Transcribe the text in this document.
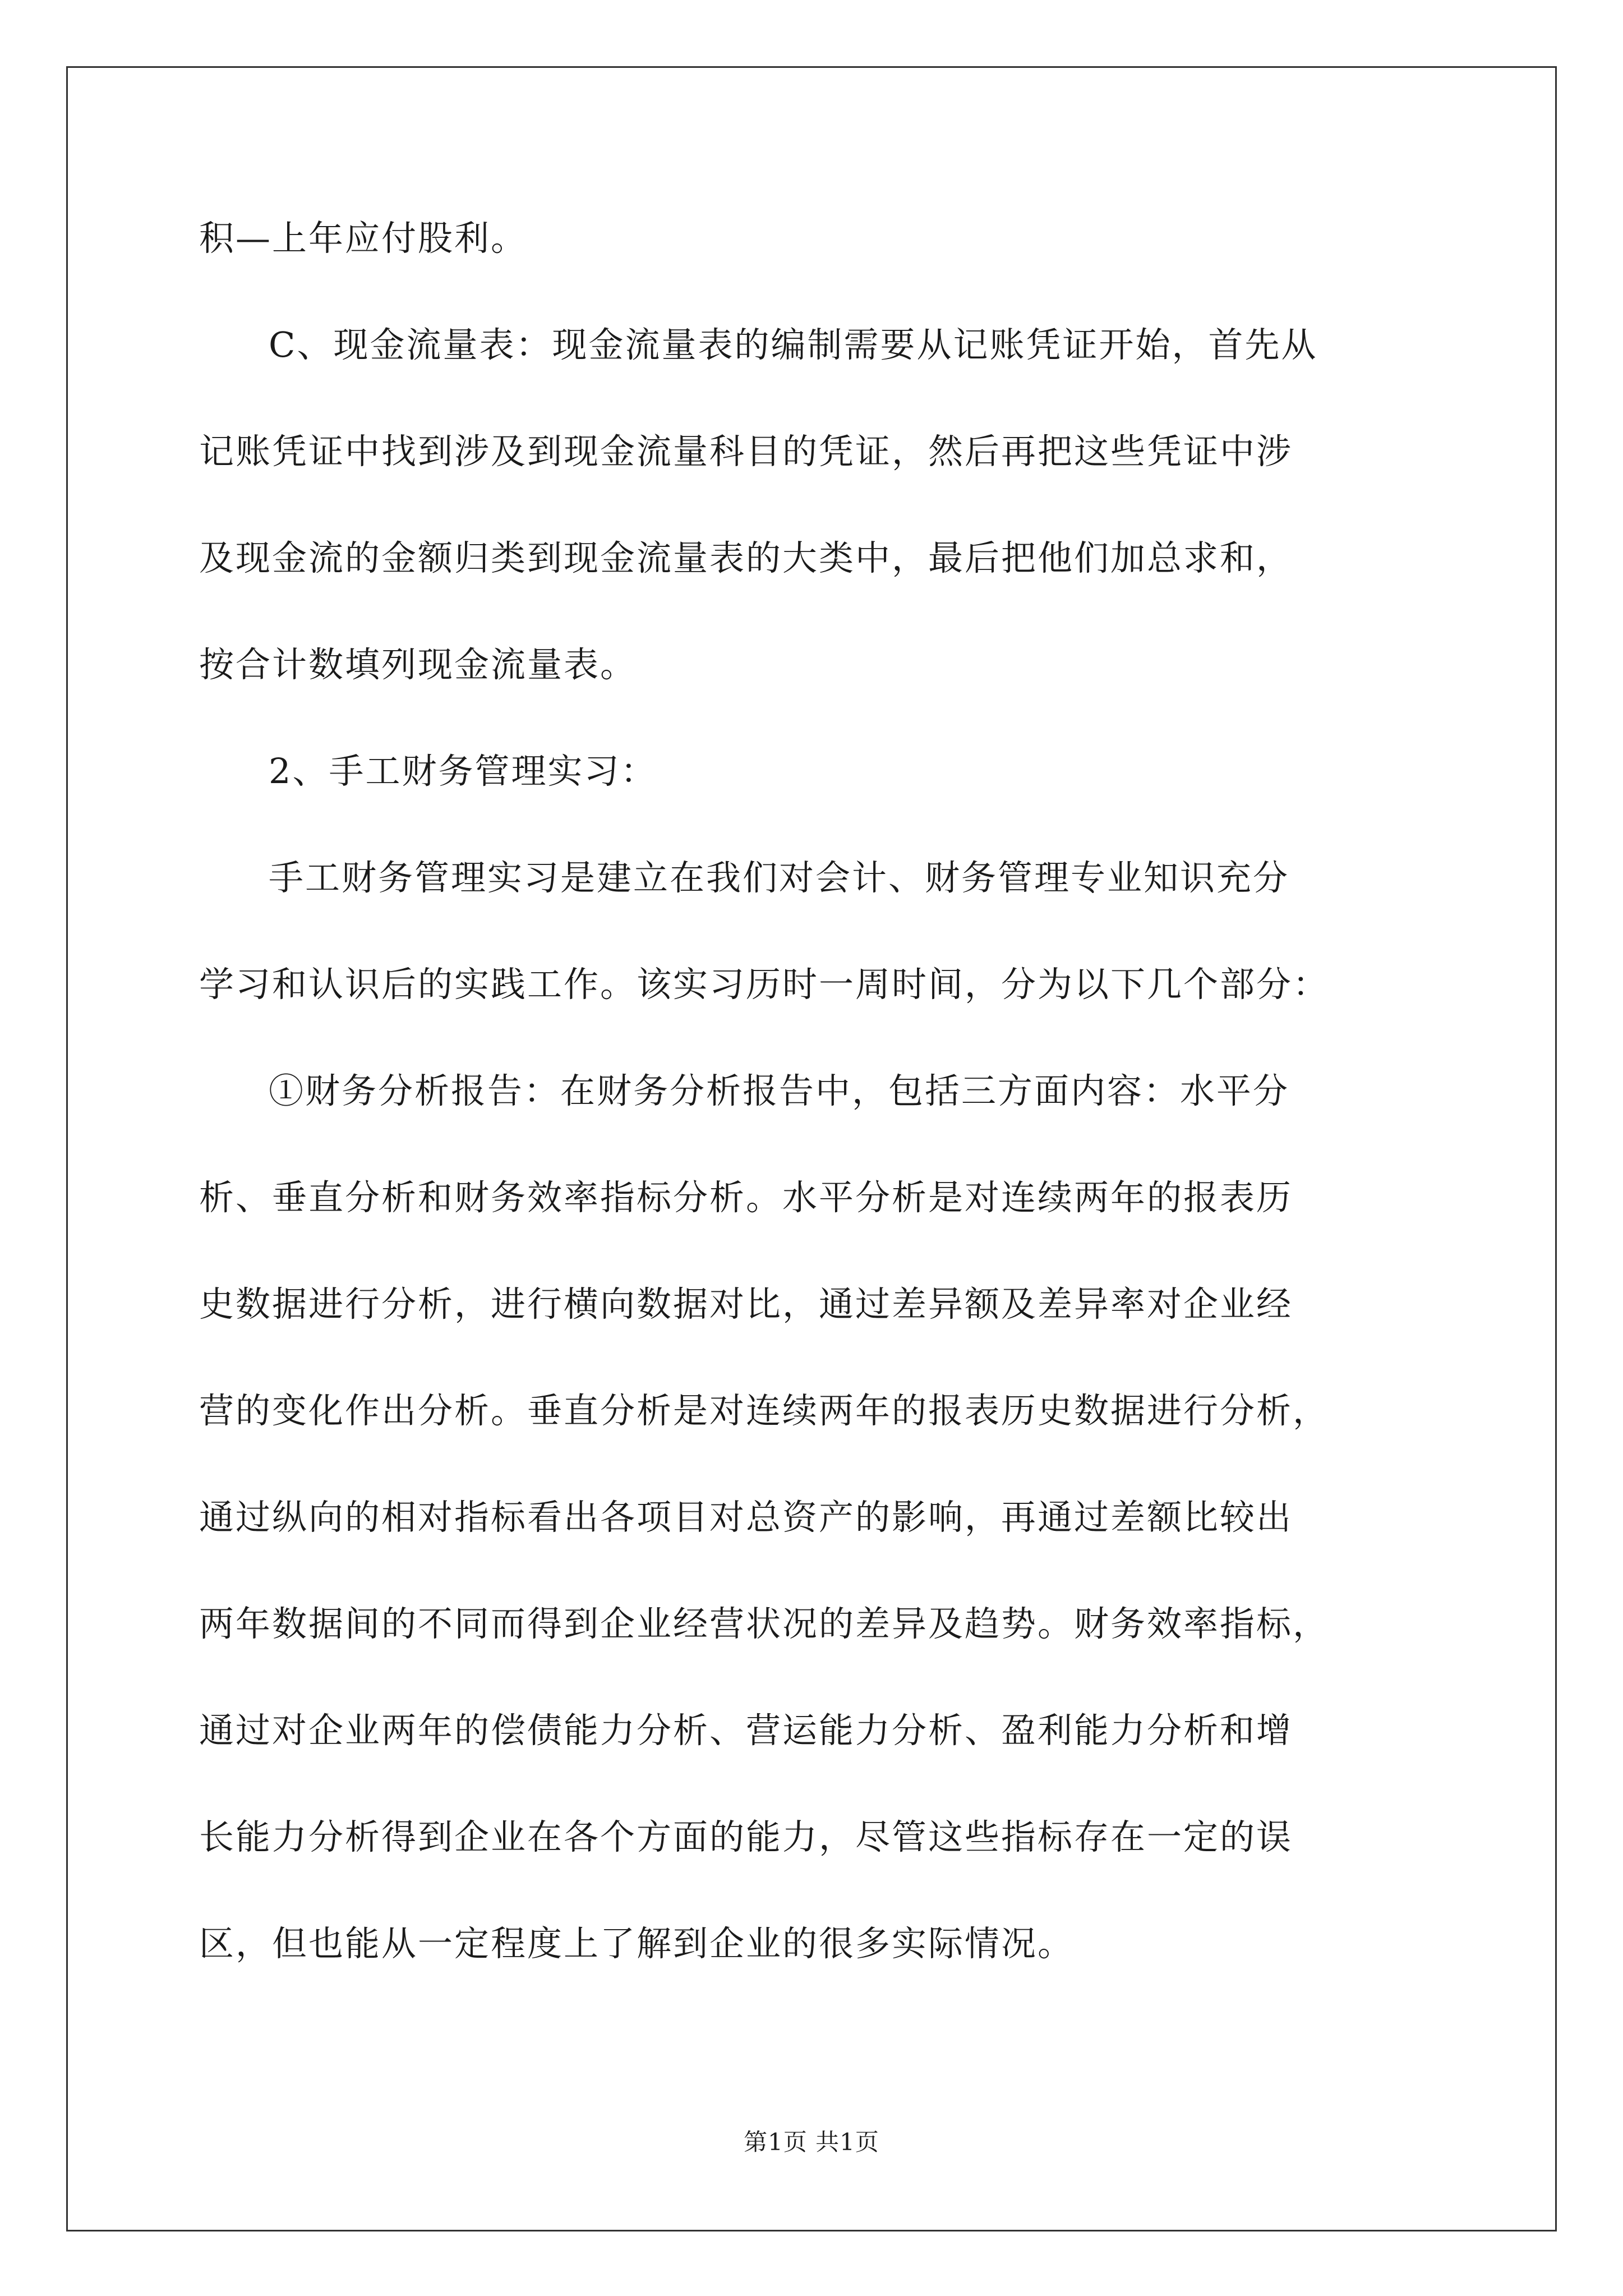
积—上年应付股利。
C、现金流量表：现金流量表的编制需要从记账凭证开始，首先从
记账凭证中找到涉及到现金流量科目的凭证，然后再把这些凭证中涉
及现金流的金额归类到现金流量表的大类中，最后把他们加总求和，
按合计数填列现金流量表。
2、手工财务管理实习：
手工财务管理实习是建立在我们对会计、财务管理专业知识充分
学习和认识后的实践工作。该实习历时一周时间，分为以下几个部分：
①财务分析报告：在财务分析报告中，包括三方面内容：水平分
析、垂直分析和财务效率指标分析。水平分析是对连续两年的报表历
史数据进行分析，进行横向数据对比，通过差异额及差异率对企业经
营的变化作出分析。垂直分析是对连续两年的报表历史数据进行分析，
通过纵向的相对指标看出各项目对总资产的影响，再通过差额比较出
两年数据间的不同而得到企业经营状况的差异及趋势。财务效率指标，
通过对企业两年的偿债能力分析、营运能力分析、盈利能力分析和增
长能力分析得到企业在各个方面的能力，尽管这些指标存在一定的误
区，但也能从一定程度上了解到企业的很多实际情况。
第1页 共1页
